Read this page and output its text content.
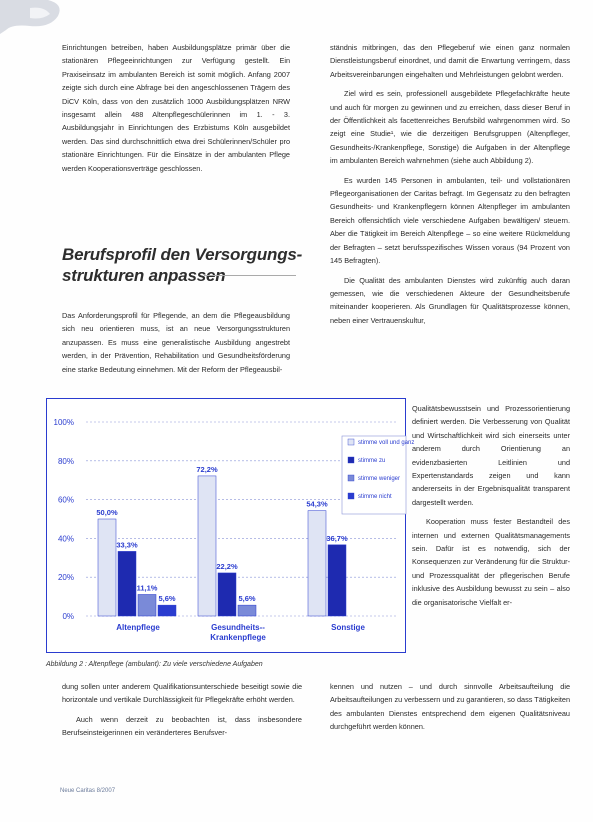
Einrichtungen betreiben, haben Ausbildungsplätze primär über die stationären Pflegeeinrichtungen zur Verfügung gestellt. Ein Praxiseinsatz im ambulanten Bereich ist somit möglich. Anfang 2007 zeigte sich durch eine Abfrage bei den angeschlossenen Trägern des DiCV Köln, dass von den zusätzlich 1000 Ausbildungsplätzen NRW insgesamt allein 488 Altenpflegeschülerinnen im 1. - 3. Ausbildungsjahr in Einrichtungen des Erzbistums Köln ausgebildet werden. Das sind durchschnittlich etwa drei Schülerinnen/Schüler pro stationäre Einrichtungen. Für die Einsätze in der ambulanten Pflege werden Kooperationsverträge geschlossen.

Berufsprofil den Versorgungs-
strukturen anpassen

Das Anforderungsprofil für Pflegende, an dem die Pflegeausbildung sich neu orientieren muss, ist an neue Versorgungsstrukturen anzupassen. Es muss eine generalistische Ausbildung angestrebt werden, in der Prävention, Rehabilitation und Gesundheitsförderung eine starke Bedeutung einnehmen. Mit der Reform der Pflegeausbil-

ständnis mitbringen, das den Pflegeberuf wie einen ganz normalen Dienstleistungsberuf einordnet, und damit die Erwartung verringern, dass Arbeitsvereinbarungen eingehalten und Mehrleistungen gelobnt werden.

Ziel wird es sein, professionell ausgebildete Pflegefachkräfte heute und auch für morgen zu gewinnen und zu erreichen, dass dieser Beruf in der Öffentlichkeit als facettenreiches Berufsbild wahrgenommen wird. So zeigt eine Studie¹, wie die derzeitigen Berufsgruppen (Altenpfleger, Gesundheits-/Krankenpflege, Sonstige) die Aufgaben in der Altenpflege im ambulanten Bereich wahrnehmen (siehe auch Abbildung 2).

Es wurden 145 Personen in ambulanten, teil- und vollstationären Pflegeorganisationen der Caritas befragt. Im Gegensatz zu den befragten Gesundheits- und Krankenpflegern können Altenpfleger im ambulanten Bereich offensichtlich viele verschiedene Aufgaben bewältigen/ steuern. Aber die Tätigkeit im Bereich Altenpflege – so eine weitere Rückmeldung der Befragten – setzt berufsspezifisches Wissen voraus (94 Prozent von 145 Befragten).

Die Qualität des ambulanten Dienstes wird zukünftig auch daran gemessen, wie die verschiedenen Akteure der Gesundheitsberufe miteinander kooperieren. Als Grundlagen für Qualitätsprozesse können, neben einer Vertrauenskultur,

Qualitätsbewusstsein und Prozessorientierung definiert werden. Die Verbesserung von Qualität und Wirtschaftlichkeit wird sich einerseits unter anderem durch Orientierung an evidenzbasierten Leitlinien und Expertenstandards zeigen und kann andererseits in der Ergebnisqualität transparent dargestellt werden.

Kooperation muss fester Bestandteil des internen und externen Qualitätsmanagements sein. Dafür ist es notwendig, sich der Konsequenzen zur Veränderung für die Struktur- und Prozessqualität der pflegerischen Berufe inklusive des Ausbildung bewusst zu sein – also die organisatorische Vielfalt er-

0%
20%
40%
60%
80%
100%
50,0%
33,3%
11,1%
5,6%
Altenpflege
72,2%
22,2%
5,6%
Gesundheits--
Krankenpflege
54,3%
36,7%
Sonstige
stimme voll und ganz
stimme zu
stimme weniger
stimme nicht
Abbildung 2 : Altenpflege (ambulant): Zu viele verschiedene Aufgaben

dung sollen unter anderem Qualifikationsunterschiede beseitigt sowie die horizontale und vertikale Durchlässigkeit für Pflegekräfte erhöht werden.

Auch wenn derzeit zu beobachten ist, dass insbesondere Berufseinsteigerinnen ein veränderteres Berufsver-

kennen und nutzen – und durch sinnvolle Arbeitsaufteilung die Arbeitsaufteilungen zu verbessern und zu garantieren, so dass Tätigkeiten des ambulanten Dienstes entsprechend dem eigenen Qualitätsniveau durchgeführt werden können.

Neue Caritas 8/2007
